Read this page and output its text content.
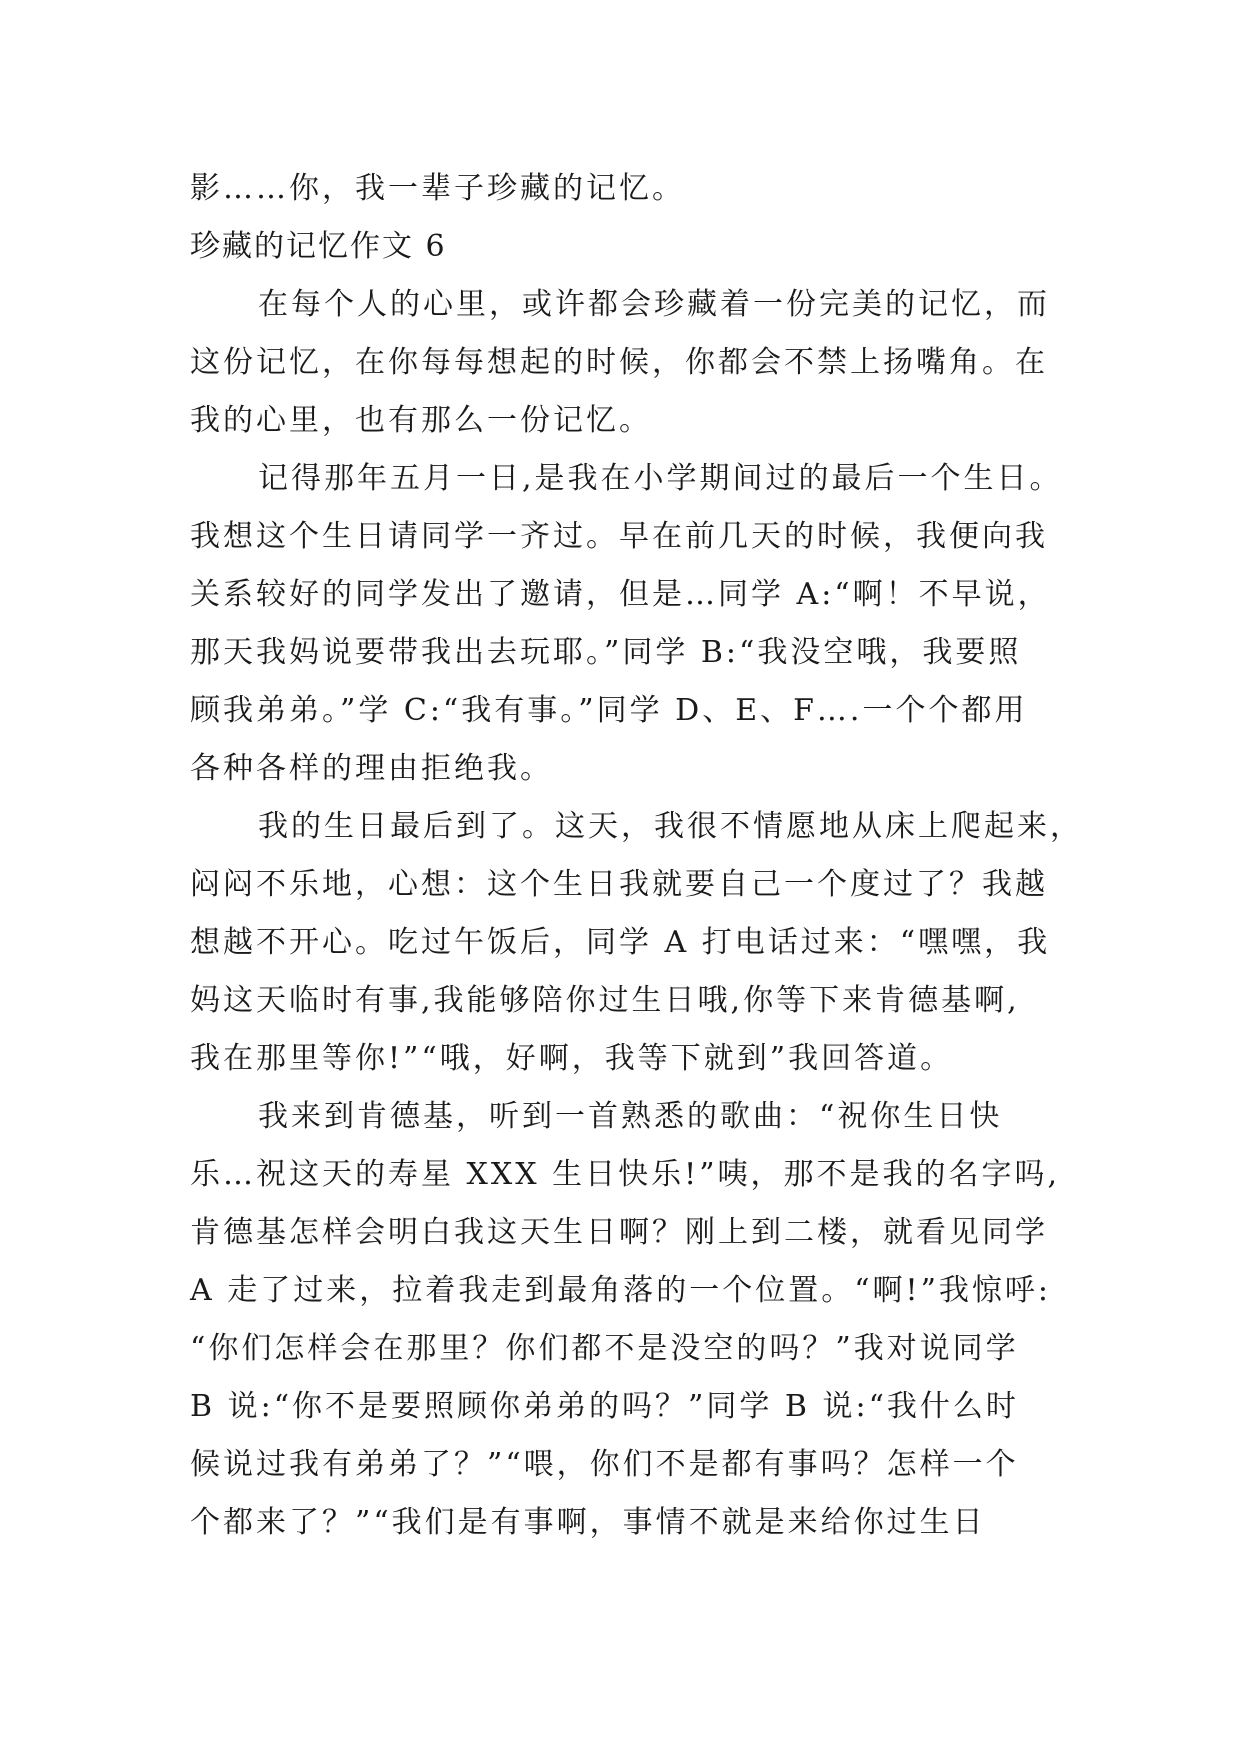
影……你，我一辈子珍藏的记忆。
珍藏的记忆作文 6
在每个人的心里，或许都会珍藏着一份完美的记忆，而
这份记忆，在你每每想起的时候，你都会不禁上扬嘴角。在
我的心里，也有那么一份记忆。
记得那年五月一日,是我在小学期间过的最后一个生日。
我想这个生日请同学一齐过。早在前几天的时候，我便向我
关系较好的同学发出了邀请，但是…同学 A:“啊！不早说，
那天我妈说要带我出去玩耶。”同学 B:“我没空哦，我要照
顾我弟弟。”学 C:“我有事。”同学 D、E、F….一个个都用
各种各样的理由拒绝我。
我的生日最后到了。这天，我很不情愿地从床上爬起来，
闷闷不乐地，心想：这个生日我就要自己一个度过了？我越
想越不开心。吃过午饭后，同学 A 打电话过来：“嘿嘿，我
妈这天临时有事,我能够陪你过生日哦,你等下来肯德基啊,
我在那里等你!”“哦，好啊，我等下就到”我回答道。
我来到肯德基，听到一首熟悉的歌曲：“祝你生日快
乐…祝这天的寿星 XXX 生日快乐!”咦，那不是我的名字吗,
肯德基怎样会明白我这天生日啊？刚上到二楼，就看见同学
A 走了过来，拉着我走到最角落的一个位置。“啊!”我惊呼:
“你们怎样会在那里？你们都不是没空的吗？”我对说同学
B 说:“你不是要照顾你弟弟的吗？”同学 B 说:“我什么时
候说过我有弟弟了？”“喂，你们不是都有事吗？怎样一个
个都来了？”“我们是有事啊，事情不就是来给你过生日
